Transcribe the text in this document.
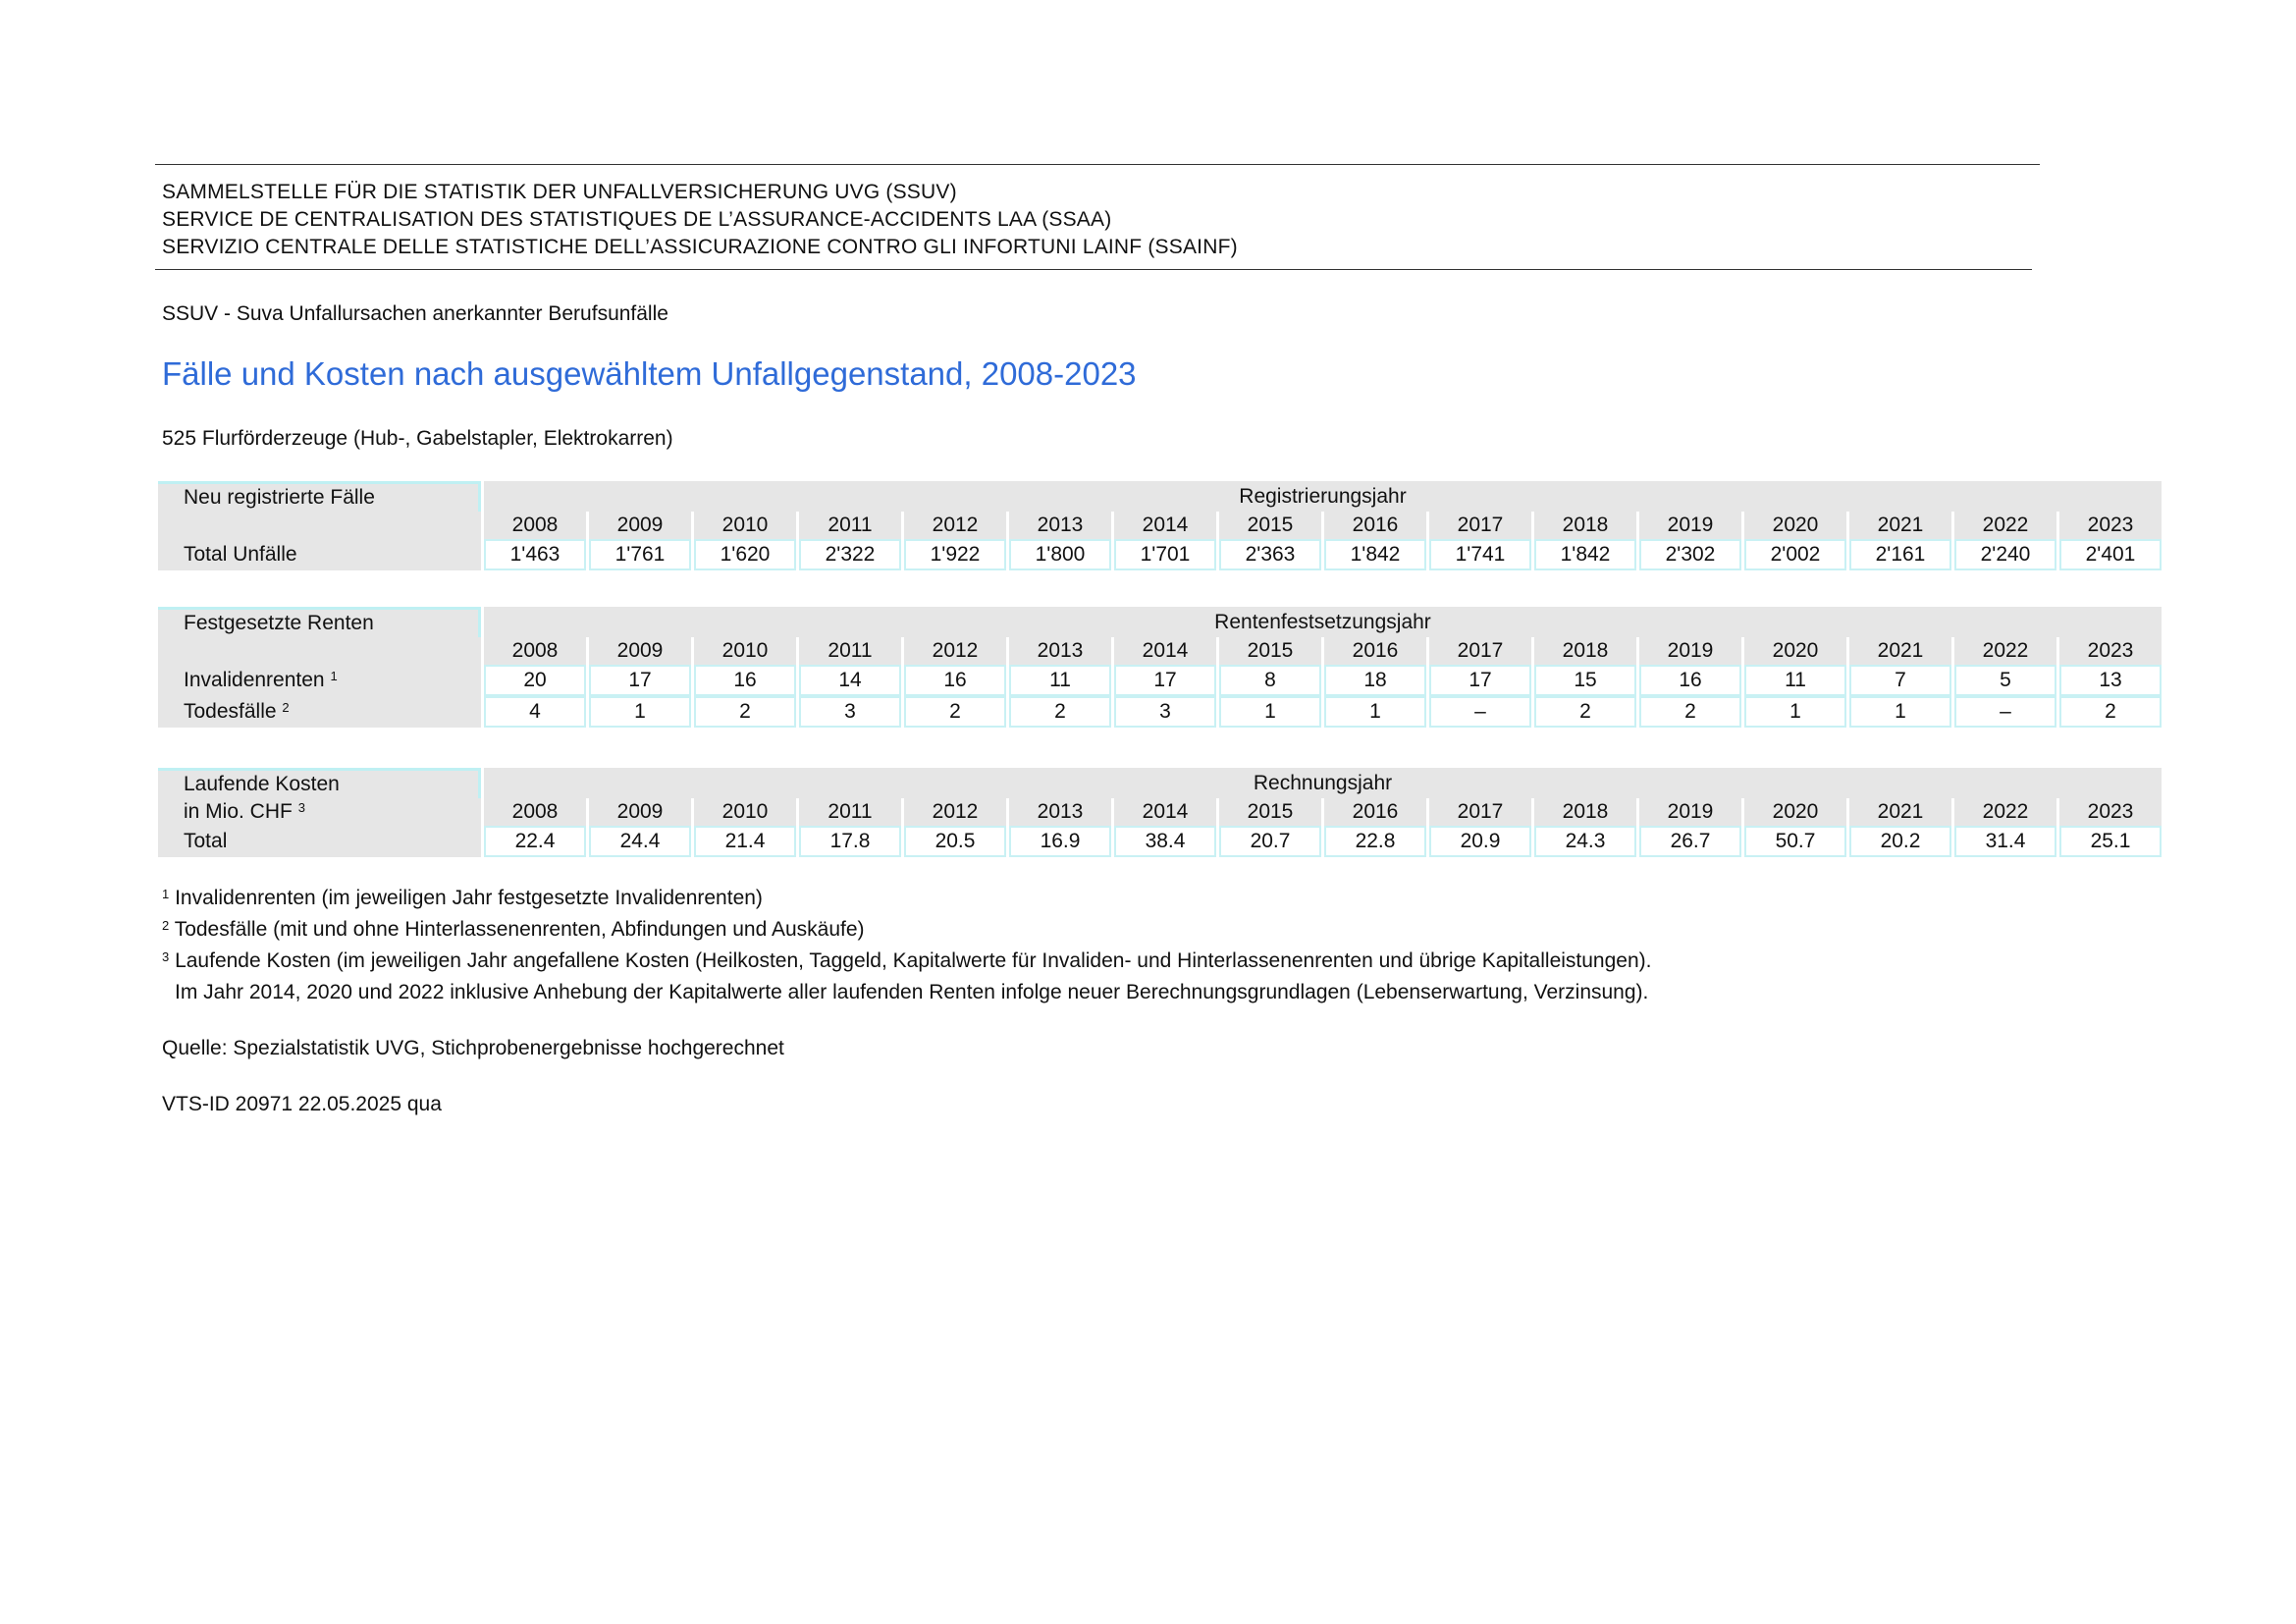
SAMMELSTELLE FÜR DIE STATISTIK DER UNFALLVERSICHERUNG UVG (SSUV)
SERVICE DE CENTRALISATION DES STATISTIQUES DE L’ASSURANCE-ACCIDENTS LAA (SSAA)
SERVIZIO CENTRALE DELLE STATISTICHE DELL’ASSICURAZIONE CONTRO GLI INFORTUNI LAINF (SSAINF)
SSUV - Suva Unfallursachen anerkannter Berufsunfälle
Fälle und Kosten nach ausgewähltem Unfallgegenstand, 2008-2023
525 Flurförderzeuge (Hub-, Gabelstapler, Elektrokarren)
Neu registrierte Fälle	Registrierungsjahr															
	2008	2009	2010	2011	2012	2013	2014	2015	2016	2017	2018	2019	2020	2021	2022	2023
Total Unfälle	1'463	1'761	1'620	2'322	1'922	1'800	1'701	2'363	1'842	1'741	1'842	2'302	2'002	2'161	2'240	2'401
Festgesetzte Renten	Rentenfestsetzungsjahr															
	2008	2009	2010	2011	2012	2013	2014	2015	2016	2017	2018	2019	2020	2021	2022	2023
Invalidenrenten $^1$	20	17	16	14	16	11	17	8	18	17	15	16	11	7	5	13
Todesfälle $^2$	4	1	2	3	2	2	3	1	1	–	2	2	1	1	–	2
Laufende Kosten	Rechnungsjahr															
in Mio. CHF $^3$	2008	2009	2010	2011	2012	2013	2014	2015	2016	2017	2018	2019	2020	2021	2022	2023
Total	22.4	24.4	21.4	17.8	20.5	16.9	38.4	20.7	22.8	20.9	24.3	26.7	50.7	20.2	31.4	25.1
$^1$ Invalidenrenten (im jeweiligen Jahr festgesetzte Invalidenrenten)
$^2$ Todesfälle (mit und ohne Hinterlassenenrenten, Abfindungen und Auskäufe)
$^3$ Laufende Kosten (im jeweiligen Jahr angefallene Kosten (Heilkosten, Taggeld, Kapitalwerte für Invaliden- und Hinterlassenenrenten und übrige Kapitalleistungen).
Im Jahr 2014, 2020 und 2022 inklusive Anhebung der Kapitalwerte aller laufenden Renten infolge neuer Berechnungsgrundlagen (Lebenserwartung, Verzinsung).
Quelle: Spezialstatistik UVG, Stichprobenergebnisse hochgerechnet
VTS-ID 20971 22.05.2025 qua
